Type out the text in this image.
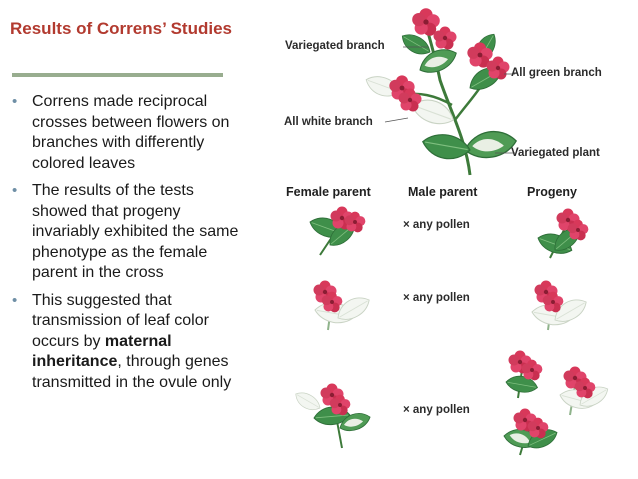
Results of Correns’ Studies
• Correns made reciprocal crosses between flowers on branches with differently colored leaves
• The results of the tests showed that progeny invariably exhibited the same phenotype as the female parent in the cross
• This suggested that transmission of leaf color occurs by maternal inheritance, through genes transmitted in the ovule only
Variegated branch
All green branch
All white branch
Variegated plant
Female parent	Male parent	Progeny
× any pollen
× any pollen
× any pollen
